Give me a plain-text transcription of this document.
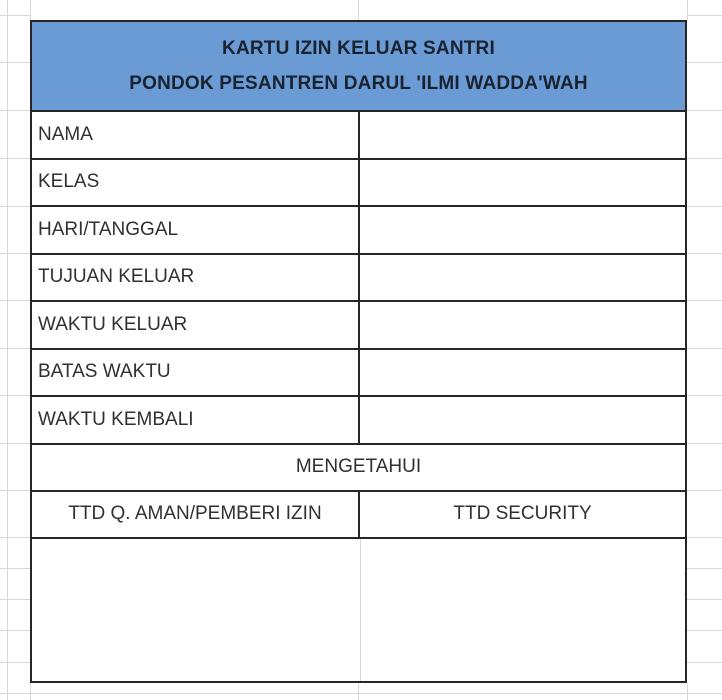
KARTU IZIN KELUAR SANTRI
PONDOK PESANTREN DARUL 'ILMI WADDA'WAH
NAMA
KELAS
HARI/TANGGAL
TUJUAN KELUAR
WAKTU KELUAR
BATAS WAKTU
WAKTU KEMBALI
MENGETAHUI
TTD Q. AMAN/PEMBERI IZIN	TTD SECURITY
